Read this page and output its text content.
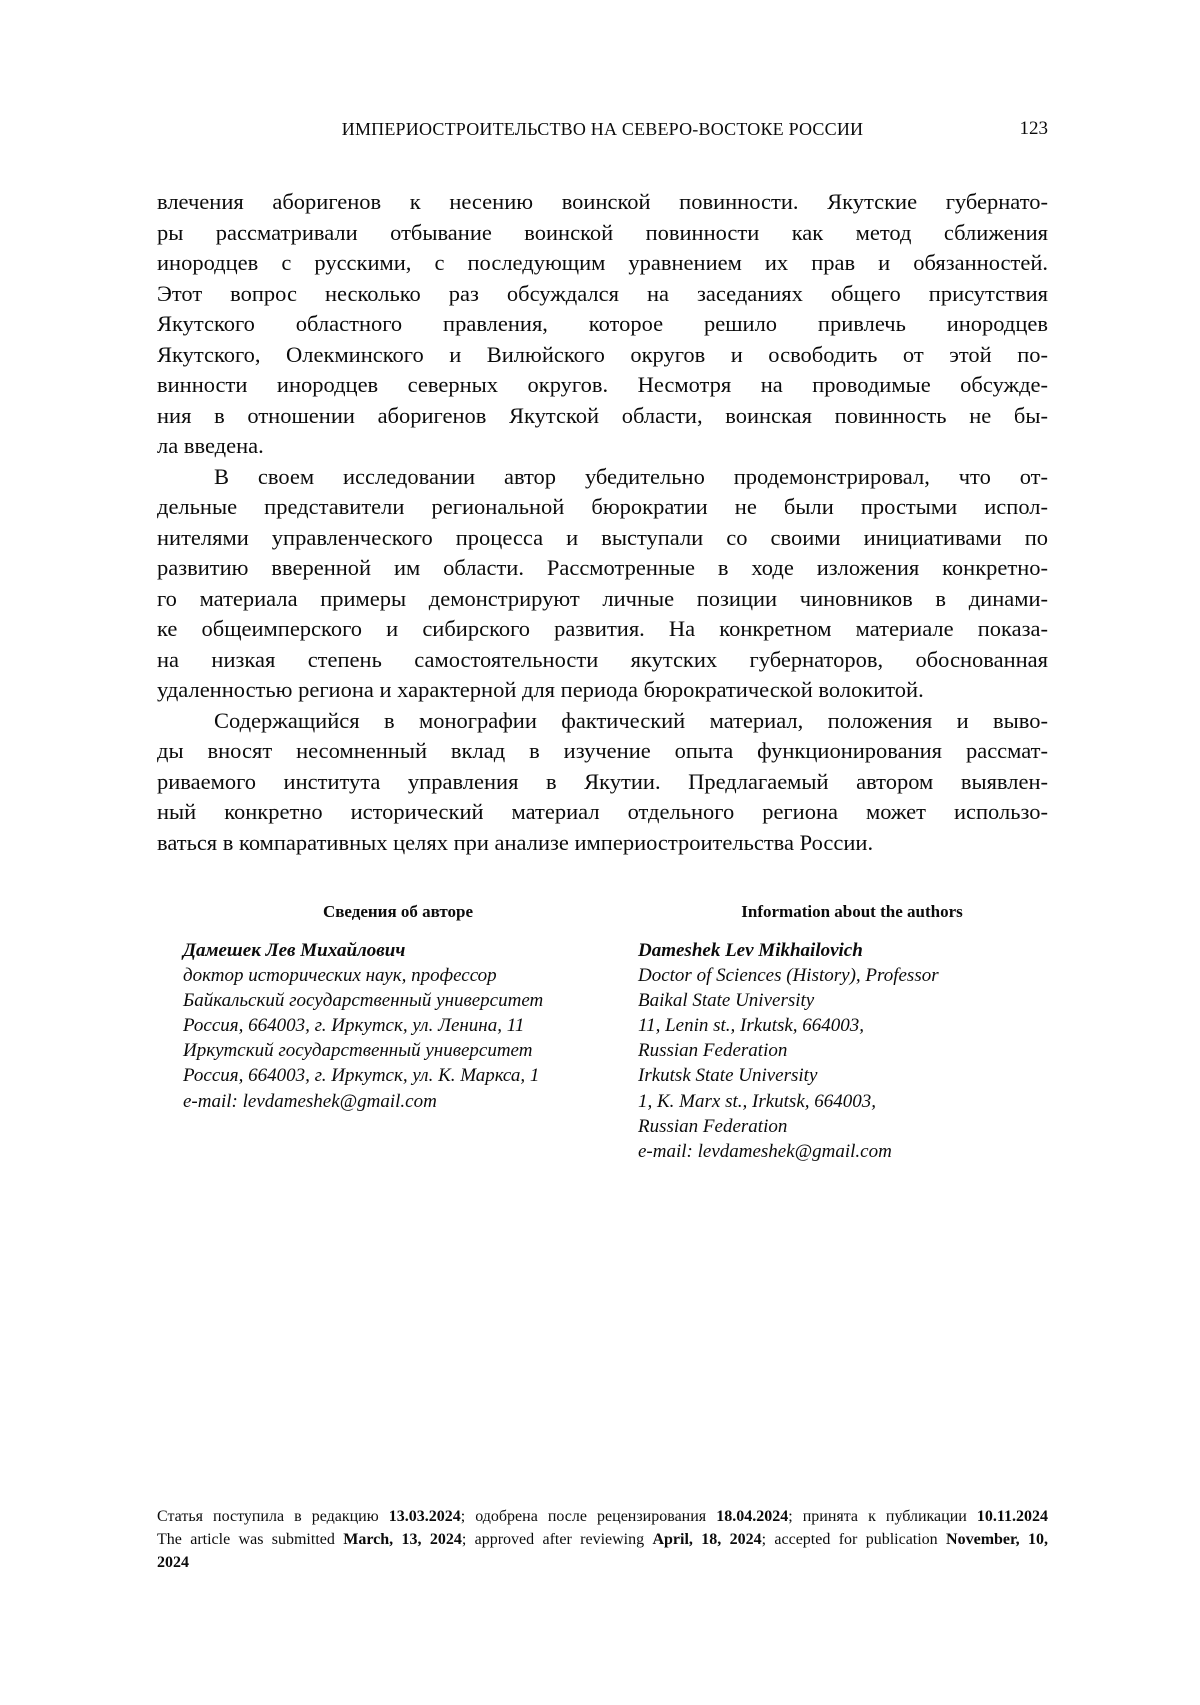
ИМПЕРИОСТРОИТЕЛЬСТВО НА СЕВЕРО-ВОСТОКЕ РОССИИ	123
влечения аборигенов к несению воинской повинности. Якутские губернато-
ры рассматривали отбывание воинской повинности как метод сближения
инородцев с русскими, с последующим уравнением их прав и обязанностей.
Этот вопрос несколько раз обсуждался на заседаниях общего присутствия
Якутского областного правления, которое решило привлечь инородцев
Якутского, Олекминского и Вилюйского округов и освободить от этой по-
винности инородцев северных округов. Несмотря на проводимые обсужде-
ния в отношении аборигенов Якутской области, воинская повинность не бы-
ла введена.
В своем исследовании автор убедительно продемонстрировал, что от-
дельные представители региональной бюрократии не были простыми испол-
нителями управленческого процесса и выступали со своими инициативами по
развитию вверенной им области. Рассмотренные в ходе изложения конкретно-
го материала примеры демонстрируют личные позиции чиновников в динами-
ке общеимперского и сибирского развития. На конкретном материале показа-
на низкая степень самостоятельности якутских губернаторов, обоснованная
удаленностью региона и характерной для периода бюрократической волокитой.
Содержащийся в монографии фактический материал, положения и выво-
ды вносят несомненный вклад в изучение опыта функционирования рассмат-
риваемого института управления в Якутии. Предлагаемый автором выявлен-
ный конкретно исторический материал отдельного региона может использо-
ваться в компаративных целях при анализе империостроительства России.
Сведения об авторе	Information about the authors
Дамешек Лев Михайлович
доктор исторических наук, профессор
Байкальский государственный университет
Россия, 664003, г. Иркутск, ул. Ленина, 11
Иркутский государственный университет
Россия, 664003, г. Иркутск, ул. К. Маркса, 1
e-mail: levdameshek@gmail.com
Dameshek Lev Mikhailovich
Doctor of Sciences (History), Professor
Baikal State University
11, Lenin st., Irkutsk, 664003,
Russian Federation
Irkutsk State University
1, K. Marx st., Irkutsk, 664003,
Russian Federation
e-mail: levdameshek@gmail.com

Статья поступила в редакцию 13.03.2024; одобрена после рецензирования 18.04.2024; принята к публикации 10.11.2024

The article was submitted March, 13, 2024; approved after reviewing April, 18, 2024; accepted for publication November, 10,

2024
